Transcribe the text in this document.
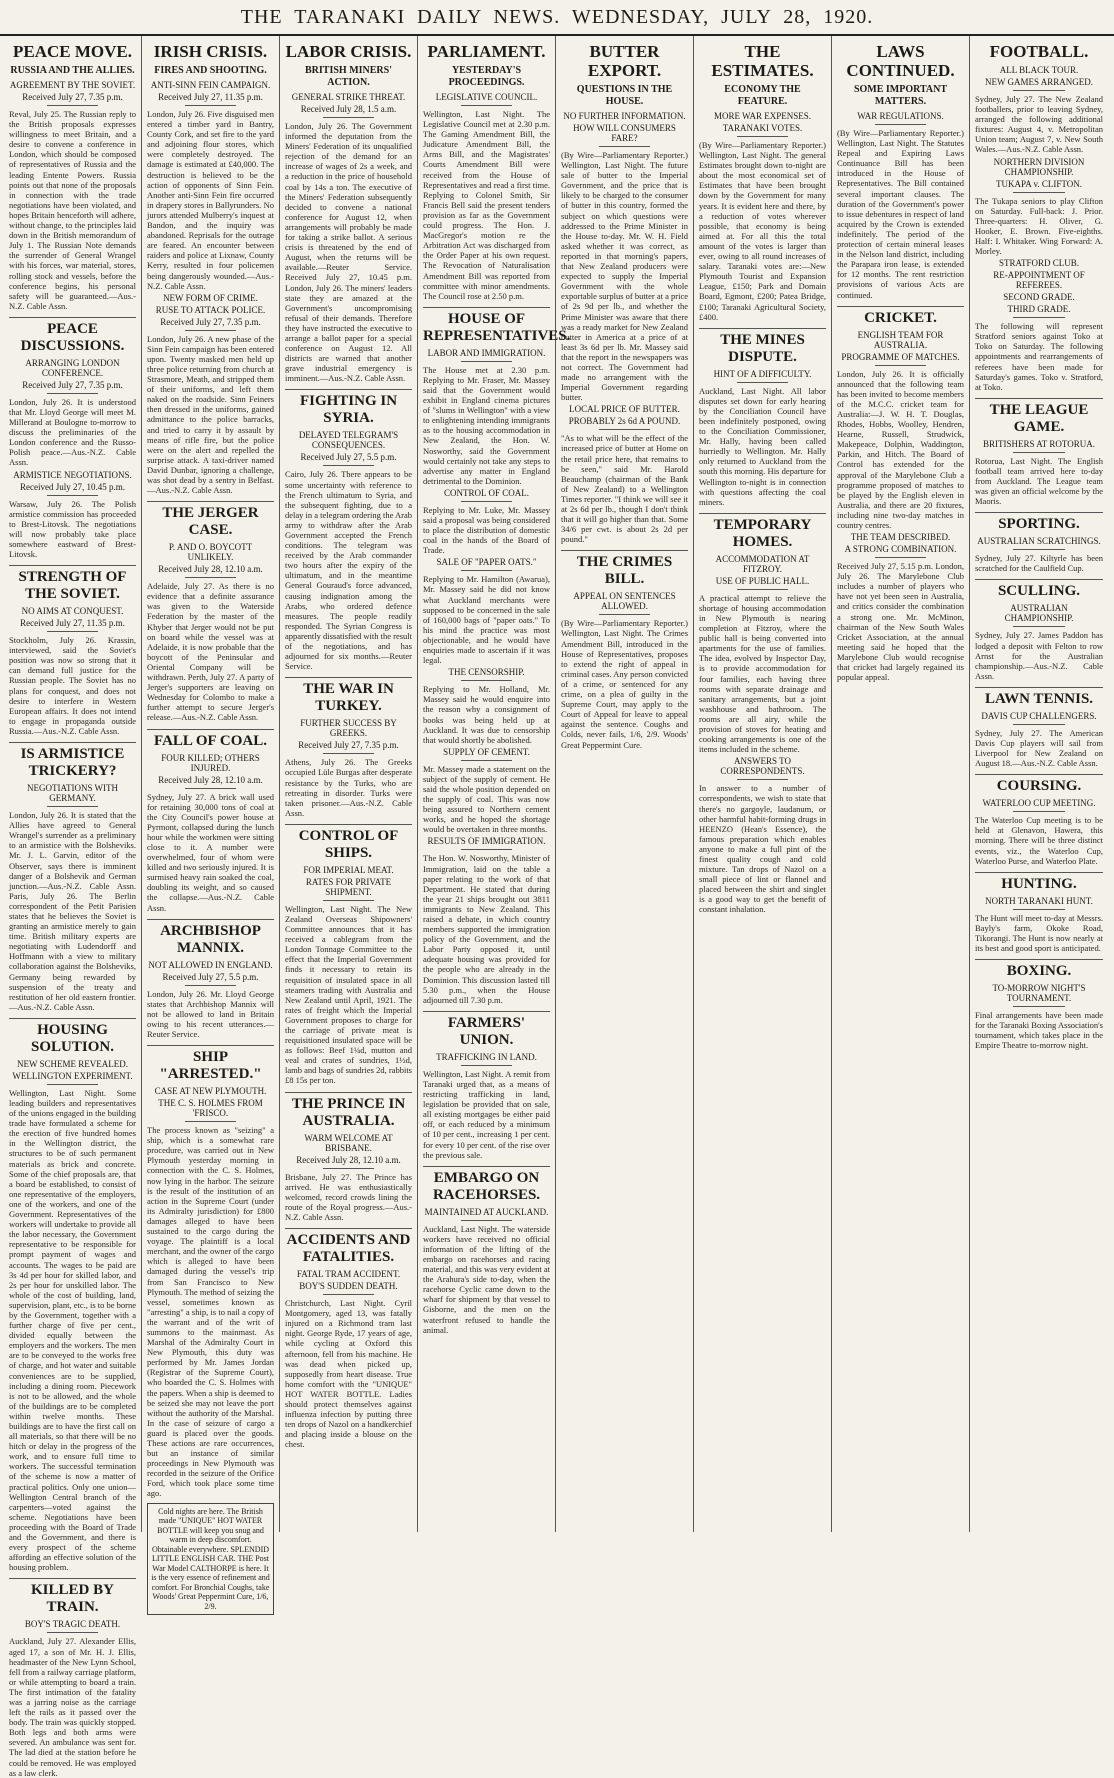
THE  TARANAKI  DAILY  NEWS.  WEDNESDAY,  JULY  28,  1920.
PEACE MOVE.
RUSSIA AND THE ALLIES.
AGREEMENT BY THE SOVIET.
Received July 27, 7.35 p.m.

Reval, July 25. The Russian reply to the British proposals expresses willingness to meet Britain, and a desire to convene a conference in London, which should be composed of representatives of Russia and the leading Entente Powers. Russia points out that none of the proposals in connection with the trade negotiations have been violated, and hopes Britain henceforth will adhere, without change, to the principles laid down in the British memorandum of July 1. The Russian Note demands the surrender of General Wrangel with his forces, war material, stores, rolling stock and vessels, before the conference begins, his personal safety will be guaranteed.—Aus.-N.Z. Cable Assn.

PEACE DISCUSSIONS.
ARRANGING LONDON CONFERENCE.
Received July 27, 7.35 p.m.

London, July 26. It is understood that Mr. Lloyd George will meet M. Millerand at Boulogne to-morrow to discuss the preliminaries of the London conference and the Russo-Polish peace.—Aus.-N.Z. Cable Assn.

ARMISTICE NEGOTIATIONS.
Received July 27, 10.45 p.m.

Warsaw, July 26. The Polish armistice commission has proceeded to Brest-Litovsk. The negotiations will now probably take place somewhere eastward of Brest-Litovsk.

STRENGTH OF THE SOVIET.
NO AIMS AT CONQUEST.
Received July 27, 11.35 p.m.

Stockholm, July 26. Krassin, interviewed, said the Soviet's position was now so strong that it can demand full justice for the Russian people. The Soviet has no plans for conquest, and does not desire to interfere in Western European affairs. It does not intend to engage in propaganda outside Russia.—Aus.-N.Z. Cable Assn.

IS ARMISTICE TRICKERY?
NEGOTIATIONS WITH GERMANY.

London, July 26. It is stated that the Allies have agreed to General Wrangel's surrender as a preliminary to an armistice with the Bolsheviks. Mr. J. L. Garvin, editor of the Observer, says there is imminent danger of a Bolshevik and German junction.—Aus.-N.Z. Cable Assn. Paris, July 26. The Berlin correspondent of the Petit Parisien states that he believes the Soviet is granting an armistice merely to gain time. British military experts are negotiating with Ludendorff and Hoffmann with a view to military collaboration against the Bolsheviks, Germany being rewarded by suspension of the treaty and restitution of her old eastern frontier.—Aus.-N.Z. Cable Assn.

HOUSING SOLUTION.
NEW SCHEME REVEALED.
WELLINGTON EXPERIMENT.

Wellington, Last Night. Some leading builders and representatives of the unions engaged in the building trade have formulated a scheme for the erection of five hundred homes in the Wellington district, the structures to be of such permanent materials as brick and concrete. Some of the chief proposals are, that a board be established, to consist of one representative of the employers, one of the workers, and one of the Government. Representatives of the workers will undertake to provide all the labor necessary, the Government representative to be responsible for prompt payment of wages and accounts. The wages to be paid are 3s 4d per hour for skilled labor, and 2s per hour for unskilled labor. The whole of the cost of building, land, supervision, plant, etc., is to be borne by the Government, together with a further charge of five per cent., divided equally between the employers and the workers. The men are to be conveyed to the works free of charge, and hot water and suitable conveniences are to be supplied, including a dining room. Piecework is not to be allowed, and the whole of the buildings are to be completed within twelve months. These buildings are to have the first call on all materials, so that there will be no hitch or delay in the progress of the work, and to ensure full time to workers. The successful termination of the scheme is now a matter of practical politics. Only one union—Wellington Central branch of the carpenters—voted against the scheme. Negotiations have been proceeding with the Board of Trade and the Government, and there is every prospect of the scheme affording an effective solution of the housing problem.

KILLED BY TRAIN.
BOY'S TRAGIC DEATH.

Auckland, July 27. Alexander Ellis, aged 17, a son of Mr. H. J. Ellis, headmaster of the New Lynn School, fell from a railway carriage platform, or while attempting to board a train. The first intimation of the fatality was a jarring noise as the carriage left the rails as it passed over the body. The train was quickly stopped. Both legs and both arms were severed. An ambulance was sent for. The lad died at the station before he could be removed. He was employed as a law clerk.

IRISH CRISIS.
FIRES AND SHOOTING.
ANTI-SINN FEIN CAMPAIGN.
Received July 27, 11.35 p.m.

London, July 26. Five disguised men entered a timber yard in Bantry, County Cork, and set fire to the yard and adjoining flour stores, which were completely destroyed. The damage is estimated at £40,000. The destruction is believed to be the action of opponents of Sinn Fein. Another anti-Sinn Fein fire occurred in drapery stores in Ballyrunders. No jurors attended Mulberry's inquest at Bandon, and the inquiry was abandoned. Reprisals for the outrage are feared. An encounter between raiders and police at Lixnaw, County Kerry, resulted in four policemen being dangerously wounded.—Aus.-N.Z. Cable Assn.

NEW FORM OF CRIME.
RUSE TO ATTACK POLICE.
Received July 27, 7.35 p.m.

London, July 26. A new phase of the Sinn Fein campaign has been entered upon. Twenty masked men held up three police returning from church at Strasmore, Meath, and stripped them of their uniforms, and left them naked on the roadside. Sinn Feiners then dressed in the uniforms, gained admittance to the police barracks, and tried to carry it by assault by means of rifle fire, but the police were on the alert and repelled the surprise attack. A taxi-driver named David Dunbar, ignoring a challenge, was shot dead by a sentry in Belfast.—Aus.-N.Z. Cable Assn.

THE JERGER CASE.
P. AND O. BOYCOTT UNLIKELY.
Received July 28, 12.10 a.m.

Adelaide, July 27. As there is no evidence that a definite assurance was given to the Waterside Federation by the master of the Khyber that Jerger would not be put on board while the vessel was at Adelaide, it is now probable that the boycott of the Peninsular and Oriental Company will be withdrawn. Perth, July 27. A party of Jerger's supporters are leaving on Wednesday for Colombo to make a further attempt to secure Jerger's release.—Aus.-N.Z. Cable Assn.

FALL OF COAL.
FOUR KILLED; OTHERS INJURED.
Received July 28, 12.10 a.m.

Sydney, July 27. A brick wall used for retaining 30,000 tons of coal at the City Council's power house at Pyrmont, collapsed during the lunch hour while the workmen were sitting close to it. A number were overwhelmed, four of whom were killed and two seriously injured. It is surmised heavy rain soaked the coal, doubling its weight, and so caused the collapse.—Aus.-N.Z. Cable Assn.

ARCHBISHOP MANNIX.
NOT ALLOWED IN ENGLAND.
Received July 27, 5.5 p.m.

London, July 26. Mr. Lloyd George states that Archbishop Mannix will not be allowed to land in Britain owing to his recent utterances.—Reuter Service.

SHIP "ARRESTED."
CASE AT NEW PLYMOUTH.
THE C. S. HOLMES FROM 'FRISCO.

The process known as "seizing" a ship, which is a somewhat rare procedure, was carried out in New Plymouth yesterday morning in connection with the C. S. Holmes, now lying in the harbor. The seizure is the result of the institution of an action in the Supreme Court (under its Admiralty jurisdiction) for £800 damages alleged to have been sustained to the cargo during the voyage. The plaintiff is a local merchant, and the owner of the cargo which is alleged to have been damaged during the vessel's trip from San Francisco to New Plymouth. The method of seizing the vessel, sometimes known as "arresting" a ship, is to nail a copy of the warrant and of the writ of summons to the mainmast. As Marshal of the Admiralty Court in New Plymouth, this duty was performed by Mr. James Jordan (Registrar of the Supreme Court), who boarded the C. S. Holmes with the papers. When a ship is deemed to be seized she may not leave the port without the authority of the Marshal. In the case of seizure of cargo a guard is placed over the goods. These actions are rare occurrences, but an instance of similar proceedings in New Plymouth was recorded in the seizure of the Orifice Ford, which took place some time ago.

Cold nights are here. The British made "UNIQUE" HOT WATER BOTTLE will keep you snug and warm in deep discomfort. Obtainable everywhere. SPLENDID LITTLE ENGLISH CAR. THE Post War Model CALTHORPE is here. It is the very essence of refinement and comfort. For Bronchial Coughs, take Woods' Great Peppermint Cure, 1/6, 2/9.
LABOR CRISIS.
BRITISH MINERS' ACTION.
GENERAL STRIKE THREAT.
Received July 28, 1.5 a.m.

London, July 26. The Government informed the deputation from the Miners' Federation of its unqualified rejection of the demand for an increase of wages of 2s a week, and a reduction in the price of household coal by 14s a ton. The executive of the Miners' Federation subsequently decided to convene a national conference for August 12, when arrangements will probably be made for taking a strike ballot. A serious crisis is threatened by the end of August, when the returns will be available.—Reuter Service. Received July 27, 10.45 p.m. London, July 26. The miners' leaders state they are amazed at the Government's uncompromising refusal of their demands. Therefore they have instructed the executive to arrange a ballot paper for a special conference on August 12. All districts are warned that another grave industrial emergency is imminent.—Aus.-N.Z. Cable Assn.

FIGHTING IN SYRIA.
DELAYED TELEGRAM'S CONSEQUENCES.
Received July 27, 5.5 p.m.

Cairo, July 26. There appears to be some uncertainty with reference to the French ultimatum to Syria, and the subsequent fighting, due to a delay in a telegram ordering the Arab army to withdraw after the Arab Government accepted the French conditions. The telegram was received by the Arab commander two hours after the expiry of the ultimatum, and in the meantime General Gouraud's force advanced, causing indignation among the Arabs, who ordered defence measures. The people readily responded. The Syrian Congress is apparently dissatisfied with the result of the negotiations, and has adjourned for six months.—Reuter Service.

THE WAR IN TURKEY.
FURTHER SUCCESS BY GREEKS.
Received July 27, 7.35 p.m.

Athens, July 26. The Greeks occupied Lüle Burgas after desperate resistance by the Turks, who are retreating in disorder. Turks were taken prisoner.—Aus.-N.Z. Cable Assn.

CONTROL OF SHIPS.
FOR IMPERIAL MEAT.
RATES FOR PRIVATE SHIPMENT.

Wellington, Last Night. The New Zealand Overseas Shipowners' Committee announces that it has received a cablegram from the London Tonnage Committee to the effect that the Imperial Government finds it necessary to retain its requisition of insulated space in all steamers trading with Australia and New Zealand until April, 1921. The rates of freight which the Imperial Government proposes to charge for the carriage of private meat is requisitioned insulated space will be as follows: Beef 1¼d, mutton and veal and crates of sundries, 1½d, lamb and bags of sundries 2d, rabbits £8 15s per ton.

THE PRINCE IN AUSTRALIA.
WARM WELCOME AT BRISBANE.
Received July 28, 12.10 a.m.

Brisbane, July 27. The Prince has arrived. He was enthusiastically welcomed, record crowds lining the route of the Royal progress.—Aus.-N.Z. Cable Assn.

ACCIDENTS AND FATALITIES.
FATAL TRAM ACCIDENT.
BOY'S SUDDEN DEATH.

Christchurch, Last Night. Cyril Montgomery, aged 13, was fatally injured on a Richmond tram last night. George Ryde, 17 years of age, while cycling at Oxford this afternoon, fell from his machine. He was dead when picked up, supposedly from heart disease. True home comfort with the "UNIQUE" HOT WATER BOTTLE. Ladies should protect themselves against influenza infection by putting three ten drops of Nazol on a handkerchief and placing inside a blouse on the chest.

PARLIAMENT.
YESTERDAY'S PROCEEDINGS.
LEGISLATIVE COUNCIL.

Wellington, Last Night. The Legislative Council met at 2.30 p.m. The Gaming Amendment Bill, the Judicature Amendment Bill, the Arms Bill, and the Magistrates' Courts Amendment Bill were received from the House of Representatives and read a first time. Replying to Colonel Smith, Sir Francis Bell said the present tenders provision as far as the Government could progress. The Hon. J. MacGregor's motion re the Arbitration Act was discharged from the Order Paper at his own request. The Revocation of Naturalisation Amendment Bill was reported from committee with minor amendments. The Council rose at 2.50 p.m.

HOUSE OF REPRESENTATIVES.
LABOR AND IMMIGRATION.

The House met at 2.30 p.m. Replying to Mr. Fraser, Mr. Massey said that the Government would exhibit in England cinema pictures of "slums in Wellington" with a view to enlightening intending immigrants as to the housing accommodation in New Zealand, the Hon. W. Nosworthy, said the Government would certainly not take any steps to advertise any matter in England detrimental to the Dominion.

CONTROL OF COAL.

Replying to Mr. Luke, Mr. Massey said a proposal was being considered to place the distribution of domestic coal in the hands of the Board of Trade.

SALE OF "PAPER OATS."

Replying to Mr. Hamilton (Awarua), Mr. Massey said he did not know what Auckland merchants were supposed to be concerned in the sale of 160,000 bags of "paper oats." To his mind the practice was most objectionable, and he would have enquiries made to ascertain if it was legal.

THE CENSORSHIP.

Replying to Mr. Holland, Mr. Massey said he would enquire into the reason why a consignment of books was being held up at Auckland. It was due to censorship that would shortly be abolished.

SUPPLY OF CEMENT.

Mr. Massey made a statement on the subject of the supply of cement. He said the whole position depended on the supply of coal. This was now being assured to Northern cement works, and he hoped the shortage would be overtaken in three months.

RESULTS OF IMMIGRATION.

The Hon. W. Nosworthy, Minister of Immigration, laid on the table a paper relating to the work of that Department. He stated that during the year 21 ships brought out 3811 immigrants to New Zealand. This raised a debate, in which country members supported the immigration policy of the Government, and the Labor Party opposed it, until adequate housing was provided for the people who are already in the Dominion. This discussion lasted till 5.30 p.m., when the House adjourned till 7.30 p.m.

FARMERS' UNION.
TRAFFICKING IN LAND.

Wellington, Last Night. A remit from Taranaki urged that, as a means of restricting trafficking in land, legislation be provided that on sale, all existing mortgages be either paid off, or each reduced by a minimum of 10 per cent., increasing 1 per cent. for every 10 per cent. of the rise over the previous sale.

EMBARGO ON RACEHORSES.
MAINTAINED AT AUCKLAND.

Auckland, Last Night. The waterside workers have received no official information of the lifting of the embargo on racehorses and racing material, and this was very evident at the Arahura's side to-day, when the racehorse Cyclic came down to the wharf for shipment by that vessel to Gisborne, and the men on the waterfront refused to handle the animal.

BUTTER EXPORT.
QUESTIONS IN THE HOUSE.
NO FURTHER INFORMATION.
HOW WILL CONSUMERS FARE?

(By Wire—Parliamentary Reporter.) Wellington, Last Night. The future sale of butter to the Imperial Government, and the price that is likely to be charged to the consumer of butter in this country, formed the subject on which questions were addressed to the Prime Minister in the House to-day. Mr. W. H. Field asked whether it was correct, as reported in that morning's papers, that New Zealand producers were expected to supply the Imperial Government with the whole exportable surplus of butter at a price of 2s 9d per lb., and whether the Prime Minister was aware that there was a ready market for New Zealand butter in America at a price of at least 3s 6d per lb. Mr. Massey said that the report in the newspapers was not correct. The Government had made no arrangement with the Imperial Government regarding butter.

LOCAL PRICE OF BUTTER.
PROBABLY 2s 6d A POUND.

"As to what will be the effect of the increased price of butter at Home on the retail price here, that remains to be seen," said Mr. Harold Beauchamp (chairman of the Bank of New Zealand) to a Wellington Times reporter. "I think we will see it at 2s 6d per lb., though I don't think that it will go higher than that. Some 34/6 per cwt. is about 2s 2d per pound."

THE CRIMES BILL.
APPEAL ON SENTENCES ALLOWED.

(By Wire—Parliamentary Reporter.) Wellington, Last Night. The Crimes Amendment Bill, introduced in the House of Representatives, proposes to extend the right of appeal in criminal cases. Any person convicted of a crime, or sentenced for any crime, on a plea of guilty in the Supreme Court, may apply to the Court of Appeal for leave to appeal against the sentence. Coughs and Colds, never fails, 1/6, 2/9. Woods' Great Peppermint Cure.

THE ESTIMATES.
ECONOMY THE FEATURE.
MORE WAR EXPENSES.
TARANAKI VOTES.

(By Wire—Parliamentary Reporter.) Wellington, Last Night. The general Estimates brought down to-night are about the most economical set of Estimates that have been brought down by the Government for many years. It is evident here and there, by a reduction of votes wherever possible, that economy is being aimed at. For all this the total amount of the votes is larger than ever, owing to all round increases of salary. Taranaki votes are:—New Plymouth Tourist and Expansion League, £150; Park and Domain Board, Egmont, £200; Patea Bridge, £100; Taranaki Agricultural Society, £400.

THE MINES DISPUTE.
HINT OF A DIFFICULTY.

Auckland, Last Night. All labor disputes set down for early hearing by the Conciliation Council have been indefinitely postponed, owing to the Conciliation Commissioner, Mr. Hally, having been called hurriedly to Wellington. Mr. Hally only returned to Auckland from the south this morning. His departure for Wellington to-night is in connection with questions affecting the coal miners.

TEMPORARY HOMES.
ACCOMMODATION AT FITZROY.
USE OF PUBLIC HALL.

A practical attempt to relieve the shortage of housing accommodation in New Plymouth is nearing completion at Fitzroy, where the public hall is being converted into apartments for the use of families. The idea, evolved by Inspector Day, is to provide accommodation for four families, each having three rooms with separate drainage and sanitary arrangements, but a joint washhouse and bathroom. The rooms are all airy, while the provision of stoves for heating and cooking arrangements is one of the items included in the scheme.

ANSWERS TO CORRESPONDENTS.

In answer to a number of correspondents, we wish to state that there's no gargoyle, laudanum, or other harmful habit-forming drugs in HEENZO (Hean's Essence), the famous preparation which enables anyone to make a full pint of the finest quality cough and cold mixture. Tan drops of Nazol on a small piece of lint or flannel and placed between the shirt and singlet is a good way to get the benefit of constant inhalation.

LAWS CONTINUED.
SOME IMPORTANT MATTERS.
WAR REGULATIONS.

(By Wire—Parliamentary Reporter.) Wellington, Last Night. The Statutes Repeal and Expiring Laws Continuance Bill has been introduced in the House of Representatives. The Bill contained several important clauses. The duration of the Government's power to issue debentures in respect of land acquired by the Crown is extended indefinitely. The period of the protection of certain mineral leases in the Nelson land district, including the Parapara iron lease, is extended for 12 months. The rent restriction provisions of various Acts are continued.

CRICKET.
ENGLISH TEAM FOR AUSTRALIA.
PROGRAMME OF MATCHES.

London, July 26. It is officially announced that the following team has been invited to become members of the M.C.C. cricket team for Australia:—J. W. H. T. Douglas, Rhodes, Hobbs, Woolley, Hendren, Hearne, Russell, Strudwick, Makepeace, Dolphin, Waddington, Parkin, and Hitch. The Board of Control has extended for the approval of the Marylebone Club a programme proposed of matches to be played by the English eleven in Australia, and there are 20 fixtures, including nine two-day matches in country centres.

THE TEAM DESCRIBED.
A STRONG COMBINATION.

Received July 27, 5.15 p.m. London, July 26. The Marylebone Club includes a number of players who have not yet been seen in Australia, and critics consider the combination a strong one. Mr. McMinon, chairman of the New South Wales Cricket Association, at the annual meeting said he hoped that the Marylebone Club would recognise that cricket had largely regained its popular appeal.

FOOTBALL.
ALL BLACK TOUR.
NEW GAMES ARRANGED.

Sydney, July 27. The New Zealand footballers, prior to leaving Sydney, arranged the following additional fixtures: August 4, v. Metropolitan Union team; August 7, v. New South Wales.—Aus.-N.Z. Cable Assn.

NORTHERN DIVISION CHAMPIONSHIP.
TUKAPA v. CLIFTON.

The Tukapa seniors to play Clifton on Saturday. Full-back: J. Prior. Three-quarters: H. Oliver, G. Hooker, E. Brown. Five-eighths. Half: I. Whitaker. Wing Forward: A. Morley.

STRATFORD CLUB.
RE-APPOINTMENT OF REFEREES.
SECOND GRADE.
THIRD GRADE.

The following will represent Stratford seniors against Toko at Toko on Saturday. The following appointments and rearrangements of referees have been made for Saturday's games. Toko v. Stratford, at Toko.

THE LEAGUE GAME.
BRITISHERS AT ROTORUA.

Rotorua, Last Night. The English football team arrived here to-day from Auckland. The League team was given an official welcome by the Maoris.

SPORTING.
AUSTRALIAN SCRATCHINGS.

Sydney, July 27. Kiltyrle has been scratched for the Caulfield Cup.

SCULLING.
AUSTRALIAN CHAMPIONSHIP.

Sydney, July 27. James Paddon has lodged a deposit with Felton to row Arnst for the Australian championship.—Aus.-N.Z. Cable Assn.

LAWN TENNIS.
DAVIS CUP CHALLENGERS.

Sydney, July 27. The American Davis Cup players will sail from Liverpool for New Zealand on August 18.—Aus.-N.Z. Cable Assn.

COURSING.
WATERLOO CUP MEETING.

The Waterloo Cup meeting is to be held at Glenavon, Hawera, this morning. There will be three distinct events, viz., the Waterloo Cup, Waterloo Purse, and Waterloo Plate.

HUNTING.
NORTH TARANAKI HUNT.

The Hunt will meet to-day at Messrs. Bayly's farm, Okoke Road, Tikorangi. The Hunt is now nearly at its best and good sport is anticipated.

BOXING.
TO-MORROW NIGHT'S TOURNAMENT.

Final arrangements have been made for the Taranaki Boxing Association's tournament, which takes place in the Empire Theatre to-morrow night.
